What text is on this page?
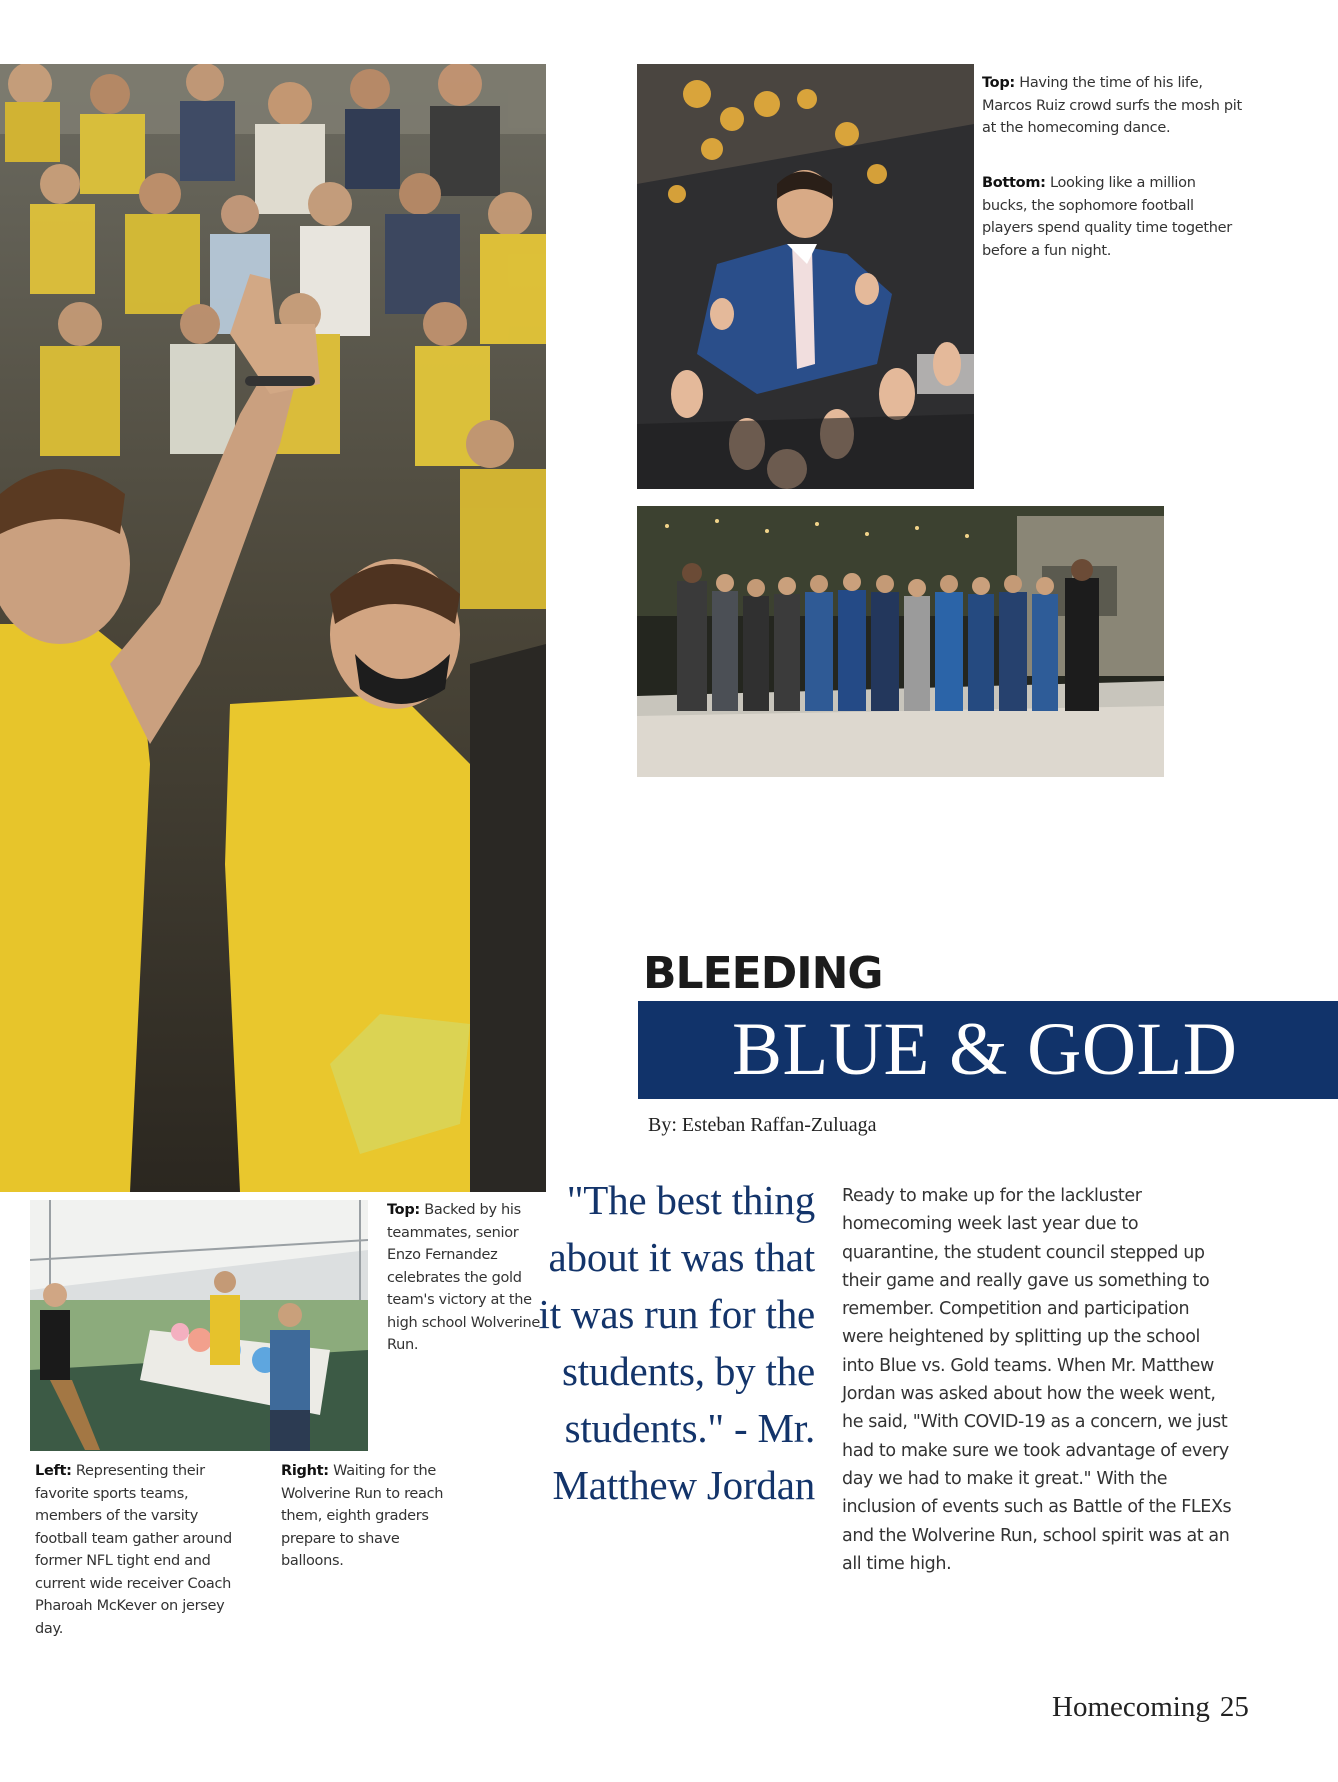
Top: Having the time of his life, Marcos Ruiz crowd surfs the mosh pit at the homecoming dance.
Bottom: Looking like a million bucks, the sophomore football players spend quality time together before a fun night.
Top: Backed by his teammates, senior Enzo Fernandez celebrates the gold team's victory at the high school Wolverine Run.
Left: Representing their favorite sports teams, members of the varsity football team gather around former NFL tight end and current wide receiver Coach Pharoah McKever on jersey day.
Right: Waiting for the Wolverine Run to reach them, eighth graders prepare to shave balloons.
BLEEDING
BLUE & GOLD
By: Esteban Raffan-Zuluaga
"The best thing about it was that it was run for the students, by the students." - Mr. Matthew Jordan
Ready to make up for the lackluster homecoming week last year due to quarantine, the student council stepped up their game and really gave us something to remember. Competition and participation were heightened by splitting up the school into Blue vs. Gold teams. When Mr. Matthew Jordan was asked about how the week went, he said, "With COVID-19 as a concern, we just had to make sure we took advantage of every day we had to make it great." With the inclusion of events such as Battle of the FLEXs and the Wolverine Run, school spirit was at an all time high.
Homecoming 25
